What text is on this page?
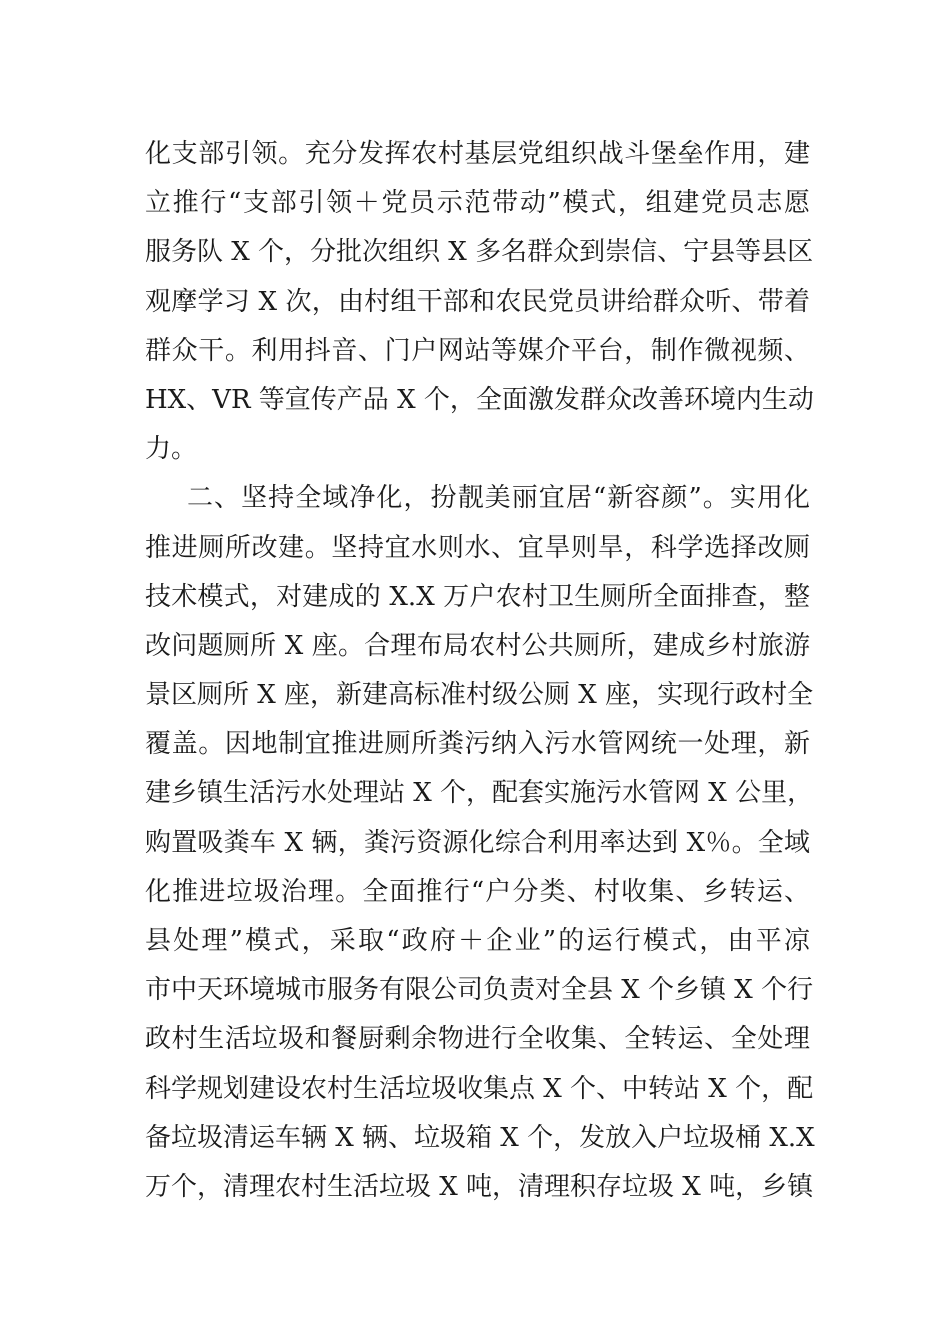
化支部引领。充分发挥农村基层党组织战斗堡垒作用，建
立推行“支部引领＋党员示范带动”模式，组建党员志愿
服务队 X 个，分批次组织 X 多名群众到崇信、宁县等县区
观摩学习 X 次，由村组干部和农民党员讲给群众听、带着
群众干。利用抖音、门户网站等媒介平台，制作微视频、
HX、VR 等宣传产品 X 个，全面激发群众改善环境内生动
力。
二、坚持全域净化，扮靓美丽宜居“新容颜”。实用化
推进厕所改建。坚持宜水则水、宜旱则旱，科学选择改厕
技术模式，对建成的 X.X 万户农村卫生厕所全面排查，整
改问题厕所 X 座。合理布局农村公共厕所，建成乡村旅游
景区厕所 X 座，新建高标准村级公厕 X 座，实现行政村全
覆盖。因地制宜推进厕所粪污纳入污水管网统一处理，新
建乡镇生活污水处理站 X 个，配套实施污水管网 X 公里，
购置吸粪车 X 辆，粪污资源化综合利用率达到 X％。全域
化推进垃圾治理。全面推行“户分类、村收集、乡转运、
县处理”模式，采取“政府＋企业”的运行模式，由平凉
市中天环境城市服务有限公司负责对全县 X 个乡镇 X 个行
政村生活垃圾和餐厨剩余物进行全收集、全转运、全处理
科学规划建设农村生活垃圾收集点 X 个、中转站 X 个，配
备垃圾清运车辆 X 辆、垃圾箱 X 个，发放入户垃圾桶 X.X
万个，清理农村生活垃圾 X 吨，清理积存垃圾 X 吨，乡镇
